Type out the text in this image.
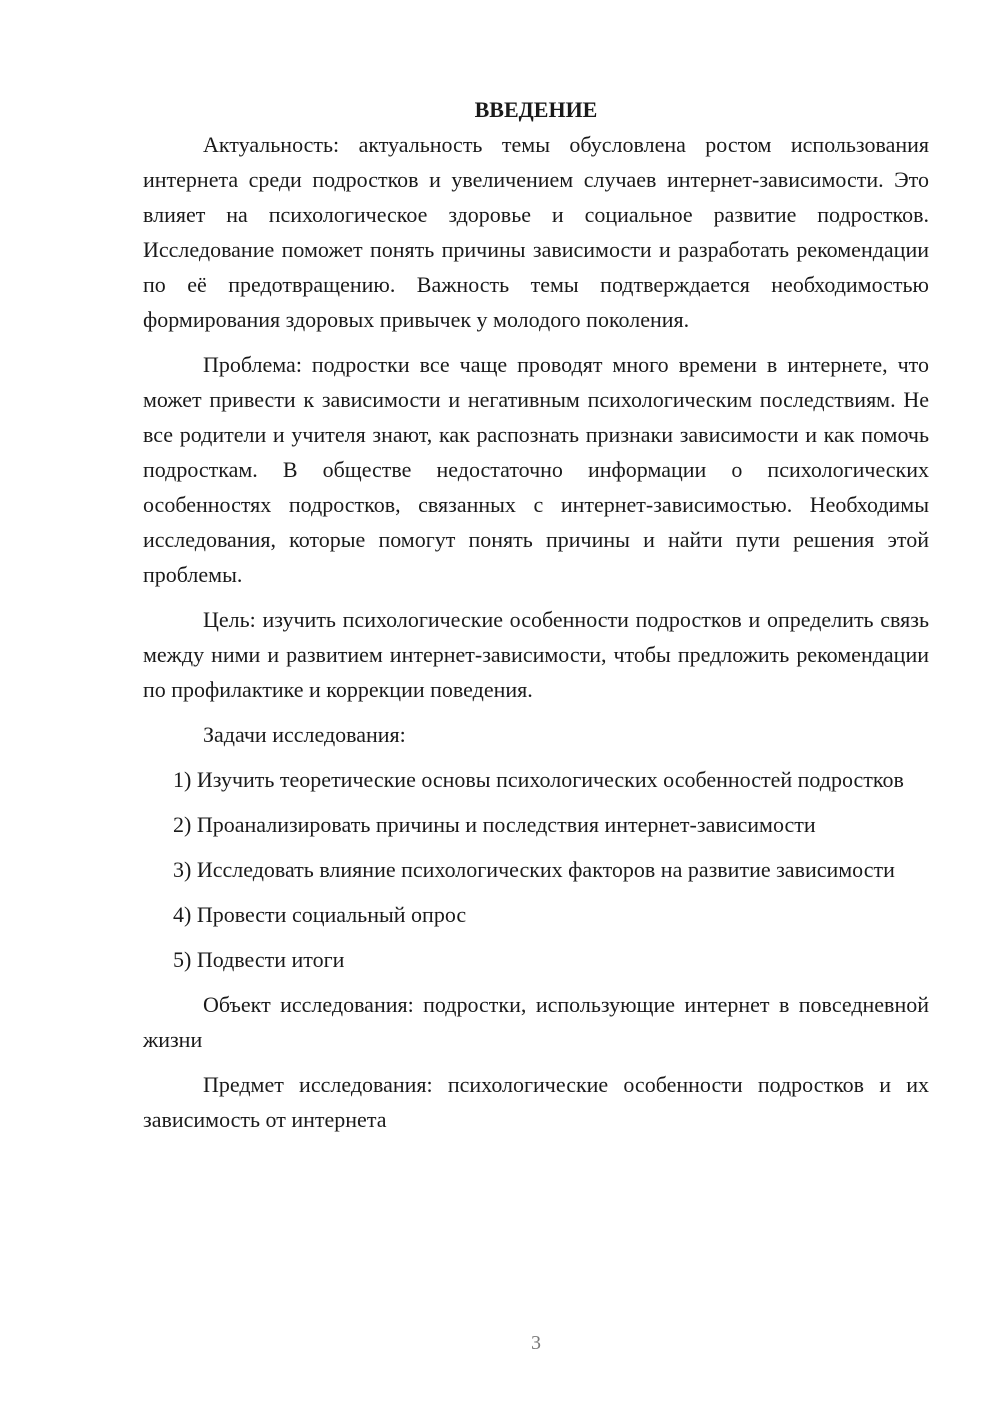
ВВЕДЕНИЕ

Актуальность: актуальность темы обусловлена ростом использования интернета среди подростков и увеличением случаев интернет-зависимости. Это влияет на психологическое здоровье и социальное развитие подростков. Исследование поможет понять причины зависимости и разработать рекомендации по её предотвращению. Важность темы подтверждается необходимостью формирования здоровых привычек у молодого поколения.

Проблема: подростки все чаще проводят много времени в интернете, что может привести к зависимости и негативным психологическим последствиям. Не все родители и учителя знают, как распознать признаки зависимости и как помочь подросткам. В обществе недостаточно информации о психологических особенностях подростков, связанных с интернет-зависимостью. Необходимы исследования, которые помогут понять причины и найти пути решения этой проблемы.

Цель: изучить психологические особенности подростков и определить связь между ними и развитием интернет-зависимости, чтобы предложить рекомендации по профилактике и коррекции поведения.

Задачи исследования:

1) Изучить теоретические основы психологических особенностей подростков

2) Проанализировать причины и последствия интернет-зависимости

3) Исследовать влияние психологических факторов на развитие зависимости

4) Провести социальный опрос

5) Подвести итоги

Объект исследования: подростки, использующие интернет в повседневной жизни

Предмет исследования: психологические особенности подростков и их зависимость от интернета

3
